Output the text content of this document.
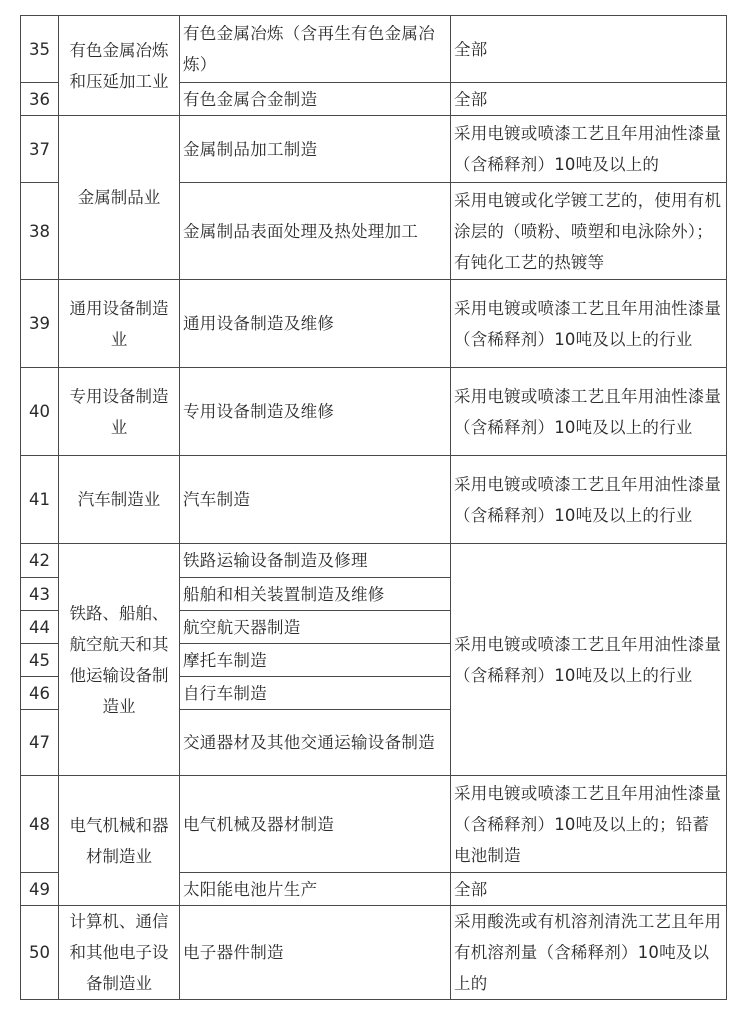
35	有色金属冶炼和压延加工业	有色金属冶炼（含再生有色金属冶炼）	全部
36		有色金属合金制造	全部
37	金属制品业	金属制品加工制造	采用电镀或喷漆工艺且年用油性漆量（含稀释剂）10吨及以上的
38		金属制品表面处理及热处理加工	采用电镀或化学镀工艺的，使用有机涂层的（喷粉、喷塑和电泳除外）；有钝化工艺的热镀等
39	通用设备制造业	通用设备制造及维修	采用电镀或喷漆工艺且年用油性漆量（含稀释剂）10吨及以上的行业
40	专用设备制造业	专用设备制造及维修	采用电镀或喷漆工艺且年用油性漆量（含稀释剂）10吨及以上的行业
41	汽车制造业	汽车制造	采用电镀或喷漆工艺且年用油性漆量（含稀释剂）10吨及以上的行业
42	铁路、船舶、航空航天和其他运输设备制造业	铁路运输设备制造及修理	采用电镀或喷漆工艺且年用油性漆量（含稀释剂）10吨及以上的行业
43		船舶和相关装置制造及维修	
44		航空航天器制造	
45		摩托车制造	
46		自行车制造	
47		交通器材及其他交通运输设备制造	
48	电气机械和器材制造业	电气机械及器材制造	采用电镀或喷漆工艺且年用油性漆量（含稀释剂）10吨及以上的；铅蓄电池制造
49		太阳能电池片生产	全部
50	计算机、通信和其他电子设备制造业	电子器件制造	采用酸洗或有机溶剂清洗工艺且年用有机溶剂量（含稀释剂）10吨及以上的
